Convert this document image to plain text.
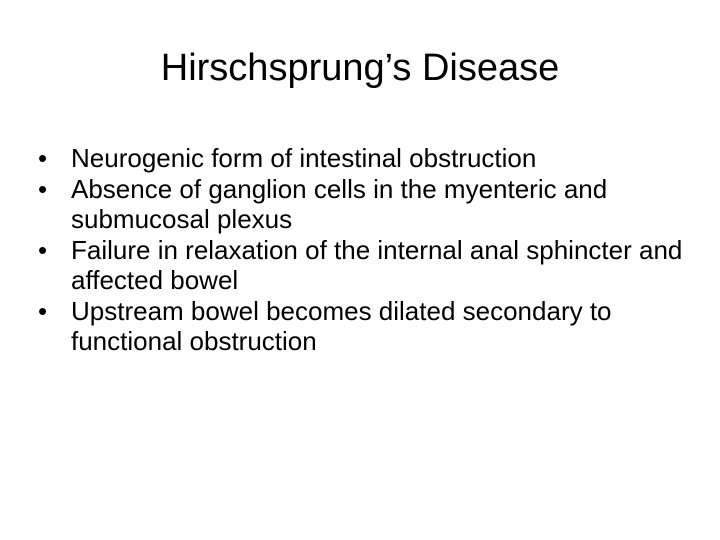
Hirschsprung’s Disease
• Neurogenic form of intestinal obstruction
• Absence of ganglion cells in the myenteric and submucosal plexus
• Failure in relaxation of the internal anal sphincter and affected bowel
• Upstream bowel becomes dilated secondary to functional obstruction
